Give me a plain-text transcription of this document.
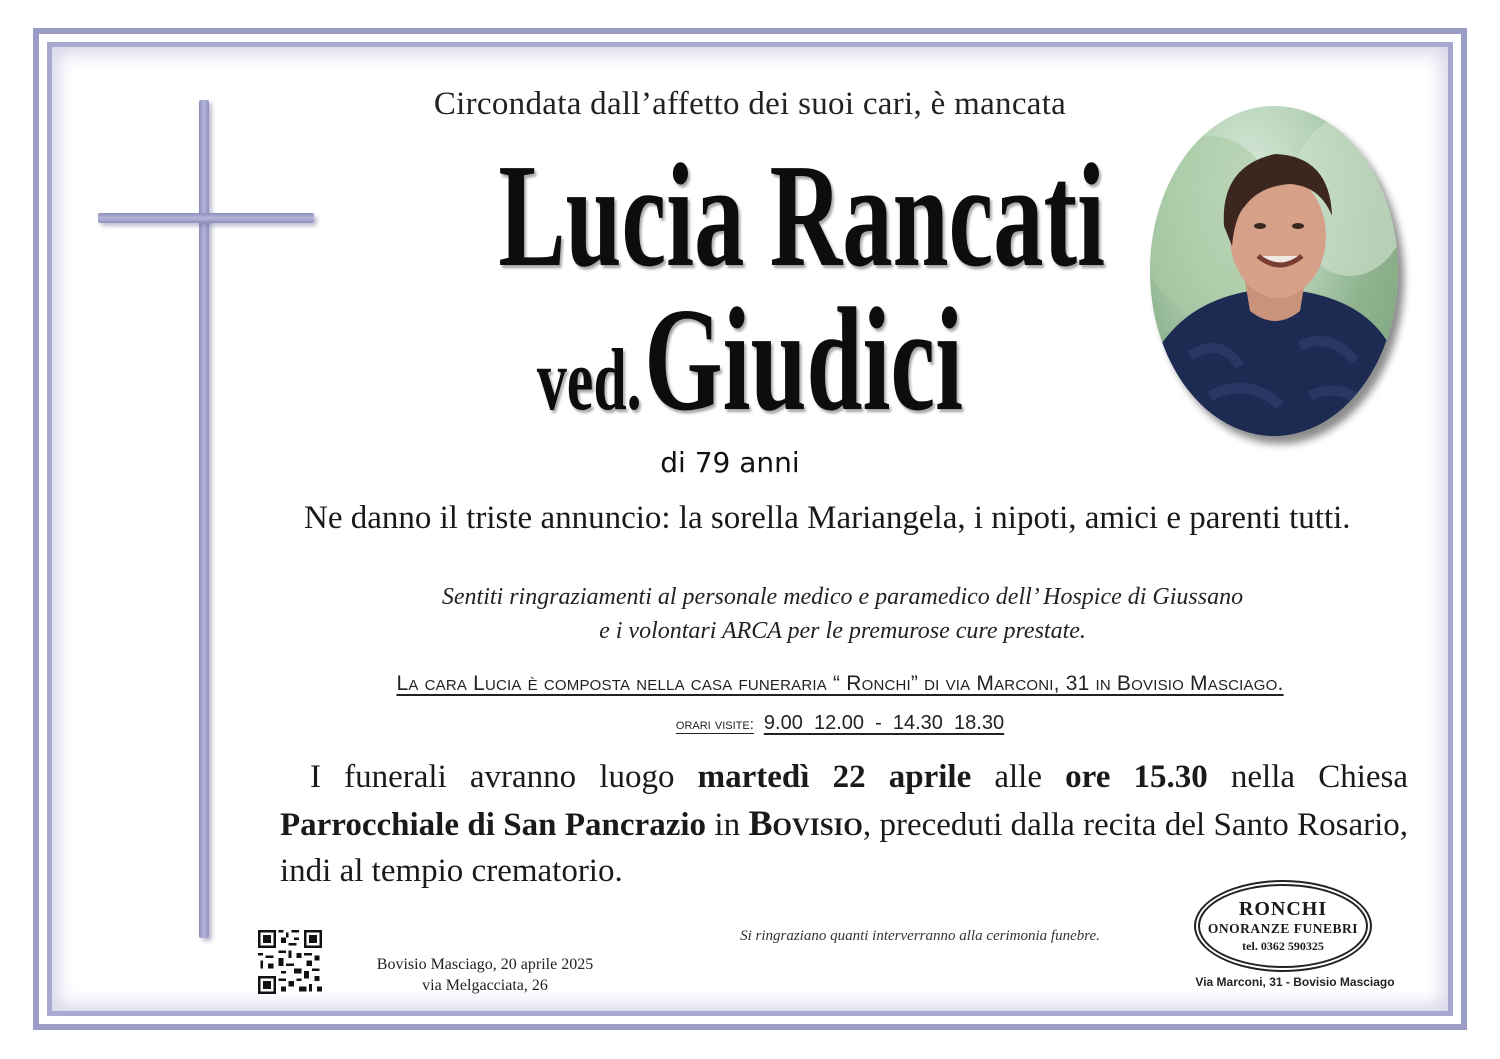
Circondata dall’affetto dei suoi cari, è mancata
Lucia Rancati
ved. Giudici
di 79 anni
Ne danno il triste annuncio: la sorella Mariangela, i nipoti, amici e parenti tutti.
Sentiti ringraziamenti al personale medico e paramedico dell’ Hospice di Giussano
e i volontari ARCA per le premurose cure prestate.
La cara Lucia è composta nella casa funeraria “ Ronchi” di via Marconi, 31 in Bovisio Masciago.
orari visite: 9.00  12.00  -  14.30  18.30
I funerali avranno luogo martedì 22 aprile alle ore 15.30 nella Chiesa Parrocchiale di San Pancrazio in Bovisio, preceduti dalla recita del Santo Rosario, indi al tempio crematorio.
Bovisio Masciago, 20 aprile 2025
via Melgacciata, 26
Si ringraziano quanti interverranno alla cerimonia funebre.
RONCHI
ONORANZE FUNEBRI
tel. 0362 590325
Via Marconi, 31 - Bovisio Masciago
